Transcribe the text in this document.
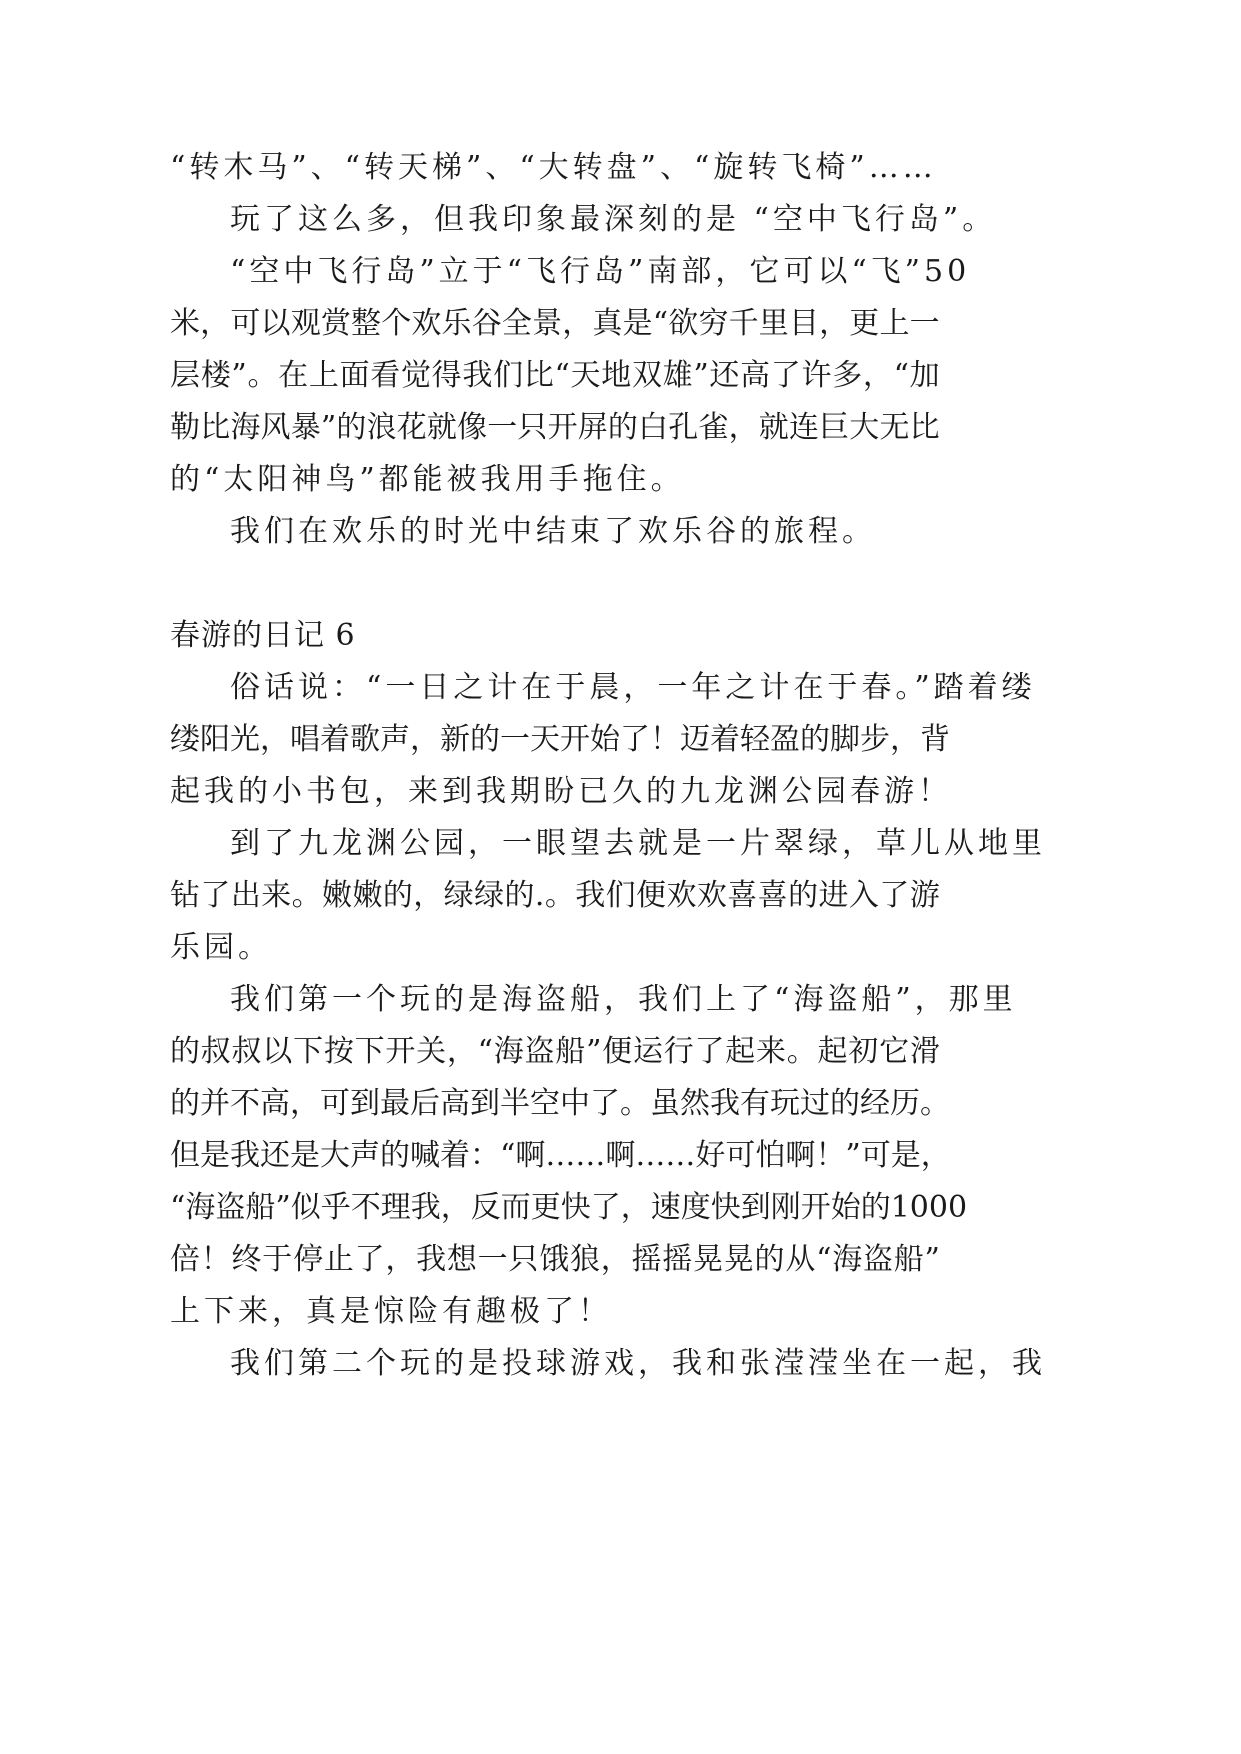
“转木马”、“转天梯”、“大转盘”、“旋转飞椅”……

玩了这么多，但我印象最深刻的是 “空中飞行岛”。

“空中飞行岛”立于“飞行岛”南部，它可以“飞”50

米 ， 可 以 观 赏 整 个 欢 乐 谷 全 景 ， 真 是 “ 欲 穷 千 里 目 ， 更 上 一

层 楼 ” 。 在 上 面 看 觉 得 我 们 比 “ 天 地 双 雄 ” 还 高 了 许 多 ， “ 加

勒 比 海 风 暴 ” 的 浪 花 就 像 一 只 开 屏 的 白 孔 雀 ， 就 连 巨 大 无 比

的“太阳神鸟”都能被我用手拖住。

我们在欢乐的时光中结束了欢乐谷的旅程。

春游的日记 6

俗话说：“一日之计在于晨，一年之计在于春。”踏着缕

缕 阳 光 ， 唱 着 歌 声 ， 新 的 一 天 开 始 了 ！ 迈 着 轻 盈 的 脚 步 ， 背

起我的小书包，来到我期盼已久的九龙渊公园春游！

到了九龙渊公园，一眼望去就是一片翠绿，草儿从地里

钻 了 出 来 。 嫩 嫩 的 ， 绿 绿 的 . 。 我 们 便 欢 欢 喜 喜 的 进 入 了 游

乐园。

我们第一个玩的是海盗船，我们上了“海盗船”，那里

的 叔 叔 以 下 按 下 开 关 ， “ 海 盗 船 ” 便 运 行 了 起 来 。 起 初 它 滑

的 并 不 高 ， 可 到 最 后 高 到 半 空 中 了 。 虽 然 我 有 玩 过 的 经 历 。

但 是 我 还 是 大 声 的 喊 着 ： “ 啊 … … 啊 … … 好 可 怕 啊 ！ ” 可 是 ，

“ 海 盗 船 ” 似 乎 不 理 我 ， 反 而 更 快 了 ， 速 度 快 到 刚 开 始 的 1 0 0 0

倍 ！ 终 于 停 止 了 ， 我 想 一 只 饿 狼 ， 摇 摇 晃 晃 的 从 “ 海 盗 船 ”

上下来，真是惊险有趣极了！

我们第二个玩的是投球游戏，我和张滢滢坐在一起，我
